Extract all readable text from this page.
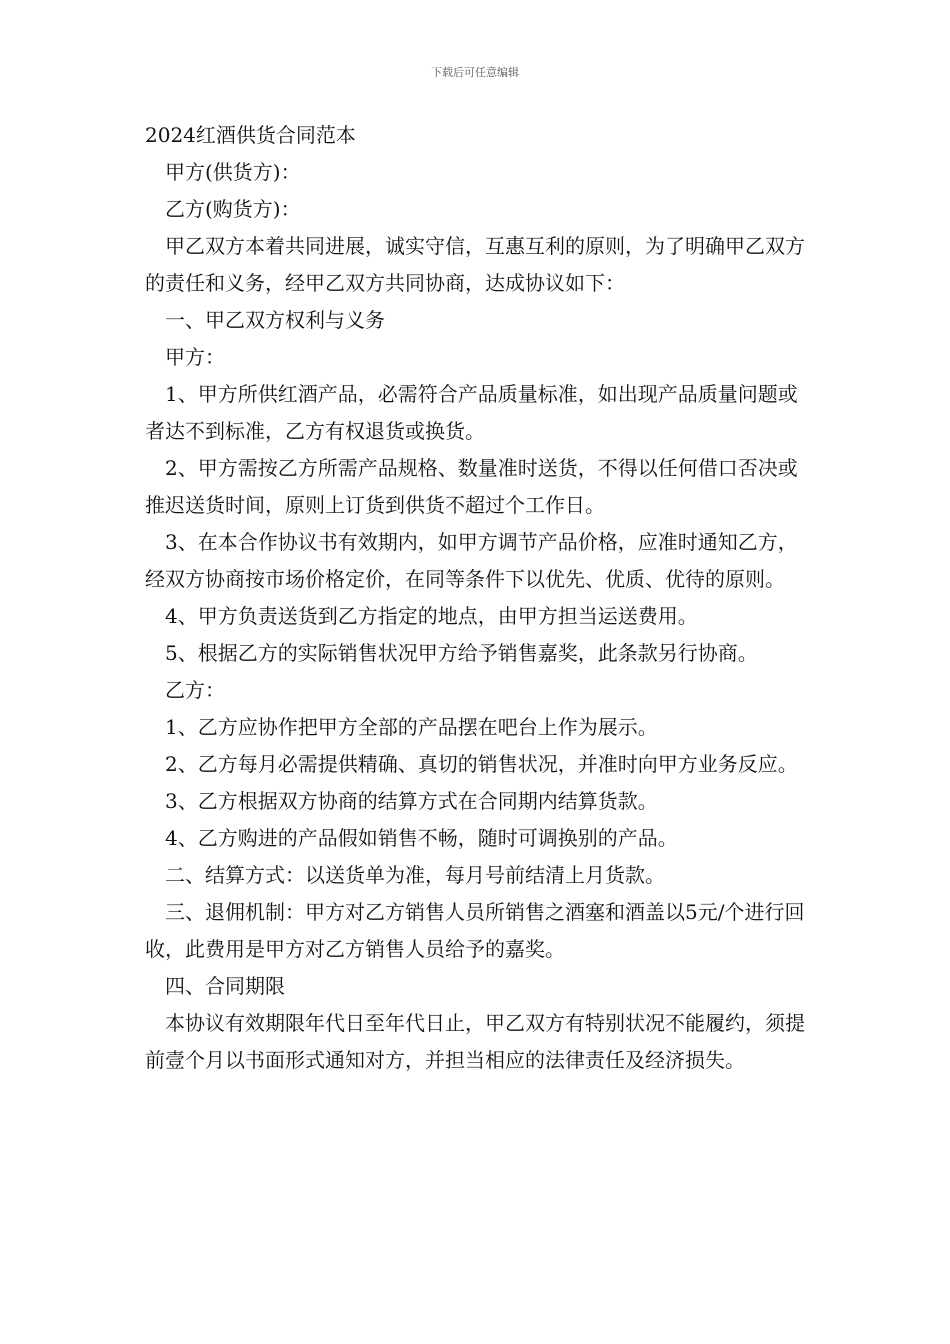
下载后可任意编辑
2024红酒供货合同范本

甲方(供货方)：

乙方(购货方)：

甲乙双方本着共同进展，诚实守信，互惠互利的原则，为了明确甲乙双方的责任和义务，经甲乙双方共同协商，达成协议如下：

一、甲乙双方权利与义务

甲方：

1、甲方所供红酒产品，必需符合产品质量标准，如出现产品质量问题或者达不到标准，乙方有权退货或换货。

2、甲方需按乙方所需产品规格、数量准时送货，不得以任何借口否决或推迟送货时间，原则上订货到供货不超过个工作日。

3、在本合作协议书有效期内，如甲方调节产品价格，应准时通知乙方，经双方协商按市场价格定价，在同等条件下以优先、优质、优待的原则。

4、甲方负责送货到乙方指定的地点，由甲方担当运送费用。

5、根据乙方的实际销售状况甲方给予销售嘉奖，此条款另行协商。

乙方：

1、乙方应协作把甲方全部的产品摆在吧台上作为展示。

2、乙方每月必需提供精确、真切的销售状况，并准时向甲方业务反应。

3、乙方根据双方协商的结算方式在合同期内结算货款。

4、乙方购进的产品假如销售不畅，随时可调换别的产品。

二、结算方式：以送货单为准，每月号前结清上月货款。

三、退佣机制：甲方对乙方销售人员所销售之酒塞和酒盖以5元/个进行回收，此费用是甲方对乙方销售人员给予的嘉奖。

四、合同期限

本协议有效期限年代日至年代日止，甲乙双方有特别状况不能履约，须提前壹个月以书面形式通知对方，并担当相应的法律责任及经济损失。
